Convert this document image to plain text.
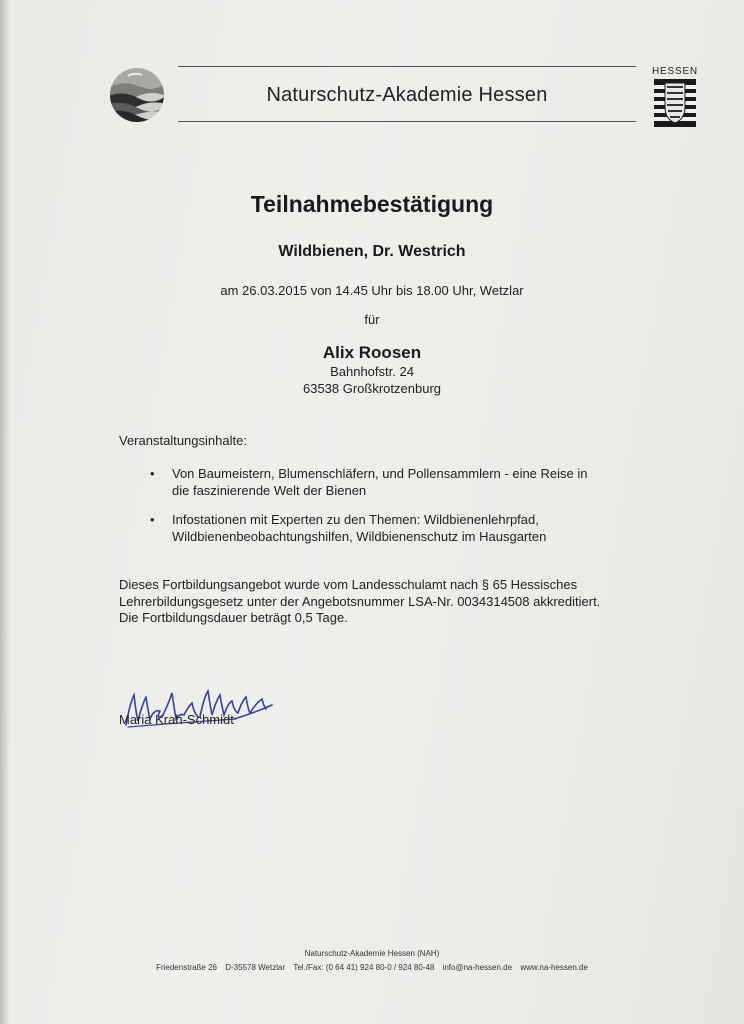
Naturschutz-Akademie Hessen
HESSEN
Teilnahmebestätigung
Wildbienen, Dr. Westrich
am 26.03.2015 von 14.45 Uhr bis 18.00 Uhr, Wetzlar
für
Alix Roosen
Bahnhofstr. 24
63538 Großkrotzenburg
Veranstaltungsinhalte:
• Von Baumeistern, Blumenschläfern, und Pollensammlern - eine Reise in
die faszinierende Welt der Bienen
• Infostationen mit Experten zu den Themen: Wildbienenlehrpfad,
Wildbienenbeobachtungshilfen, Wildbienenschutz im Hausgarten
Dieses Fortbildungsangebot wurde vom Landesschulamt nach § 65 Hessisches
Lehrerbildungsgesetz unter der Angebotsnummer LSA-Nr. 0034314508 akkreditiert.
Die Fortbildungsdauer beträgt 0,5 Tage.
Maria Krah-Schmidt
Naturschutz-Akademie Hessen (NAH)
Friedenstraße 26 D-35578 Wetzlar Tel./Fax: (0 64 41) 924 80-0 / 924 80-48 info@na-hessen.de www.na-hessen.de
